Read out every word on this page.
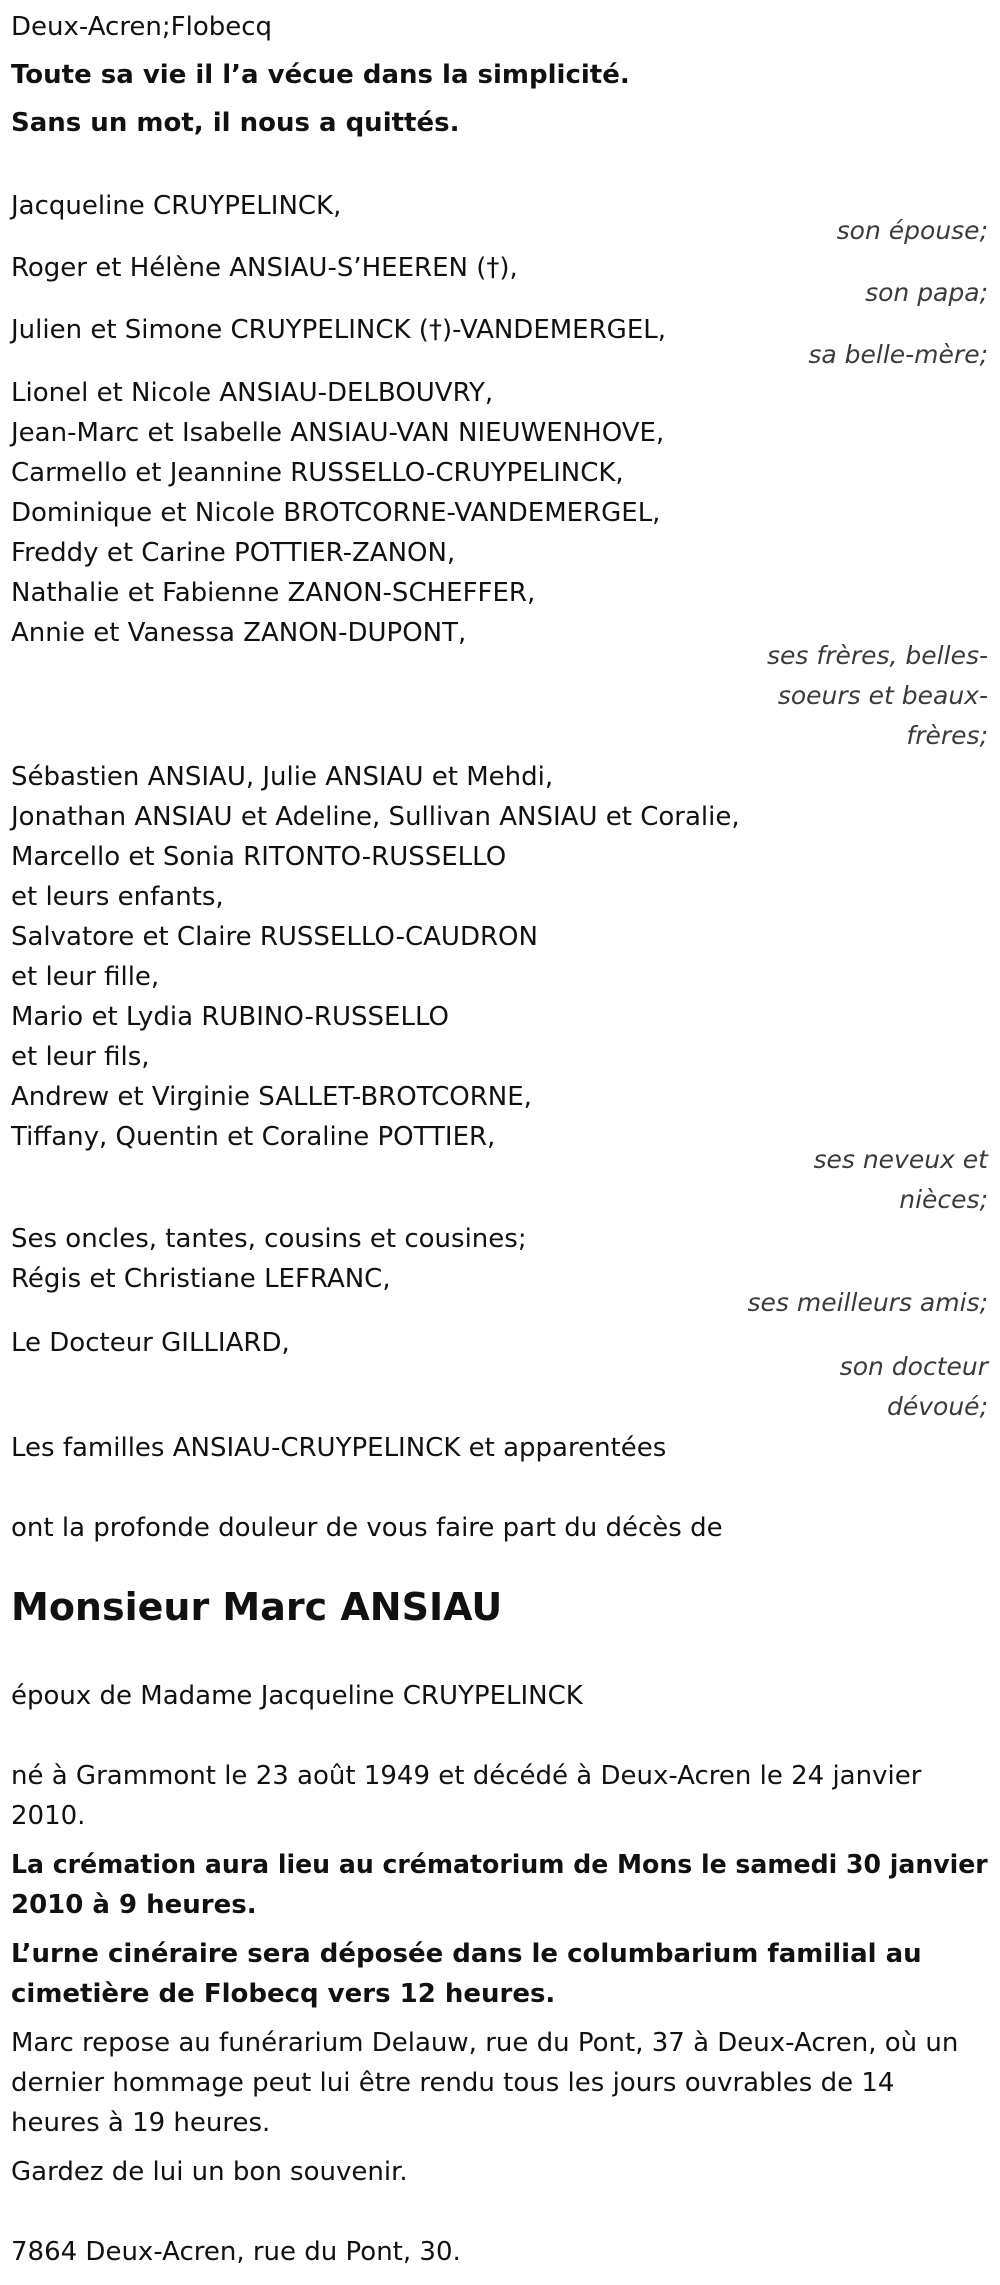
Deux-Acren;Flobecq
Toute sa vie il l’a vécue dans la simplicité.
Sans un mot, il nous a quittés.
Jacqueline CRUYPELINCK,
son épouse;
Roger et Hélène ANSIAU-S’HEEREN (†),
son papa;
Julien et Simone CRUYPELINCK (†)-VANDEMERGEL,
sa belle-mère;
Lionel et Nicole ANSIAU-DELBOUVRY,
Jean-Marc et Isabelle ANSIAU-VAN NIEUWENHOVE,
Carmello et Jeannine RUSSELLO-CRUYPELINCK,
Dominique et Nicole BROTCORNE-VANDEMERGEL,
Freddy et Carine POTTIER-ZANON,
Nathalie et Fabienne ZANON-SCHEFFER,
Annie et Vanessa ZANON-DUPONT,
ses frères, belles-
soeurs et beaux-
frères;
Sébastien ANSIAU, Julie ANSIAU et Mehdi,
Jonathan ANSIAU et Adeline, Sullivan ANSIAU et Coralie,
Marcello et Sonia RITONTO-RUSSELLO
et leurs enfants,
Salvatore et Claire RUSSELLO-CAUDRON
et leur fille,
Mario et Lydia RUBINO-RUSSELLO
et leur fils,
Andrew et Virginie SALLET-BROTCORNE,
Tiffany, Quentin et Coraline POTTIER,
ses neveux et
nièces;
Ses oncles, tantes, cousins et cousines;
Régis et Christiane LEFRANC,
ses meilleurs amis;
Le Docteur GILLIARD,
son docteur
dévoué;
Les familles ANSIAU-CRUYPELINCK et apparentées
ont la profonde douleur de vous faire part du décès de
Monsieur Marc ANSIAU
époux de Madame Jacqueline CRUYPELINCK
né à Grammont le 23 août 1949 et décédé à Deux-Acren le 24 janvier
2010.
La crémation aura lieu au crématorium de Mons le samedi 30 janvier
2010 à 9 heures.
L’urne cinéraire sera déposée dans le columbarium familial au
cimetière de Flobecq vers 12 heures.
Marc repose au funérarium Delauw, rue du Pont, 37 à Deux-Acren, où un
dernier hommage peut lui être rendu tous les jours ouvrables de 14
heures à 19 heures.
Gardez de lui un bon souvenir.
7864 Deux-Acren, rue du Pont, 30.
